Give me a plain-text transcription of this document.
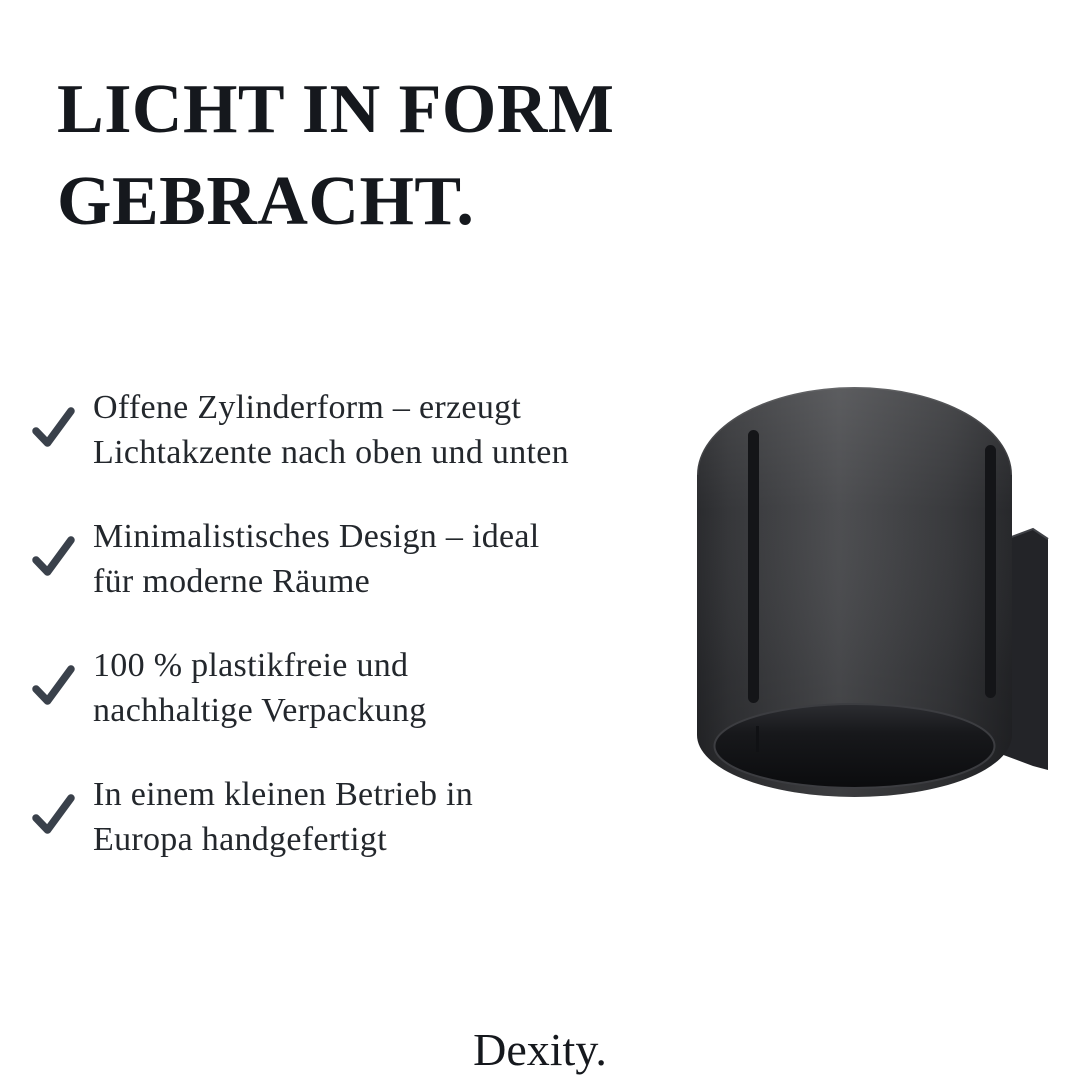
LICHT IN FORM
GEBRACHT.
Offene Zylinderform – erzeugt
Lichtakzente nach oben und unten
Minimalistisches Design – ideal
für moderne Räume
100 % plastikfreie und
nachhaltige Verpackung
In einem kleinen Betrieb in
Europa handgefertigt
Dexity.
